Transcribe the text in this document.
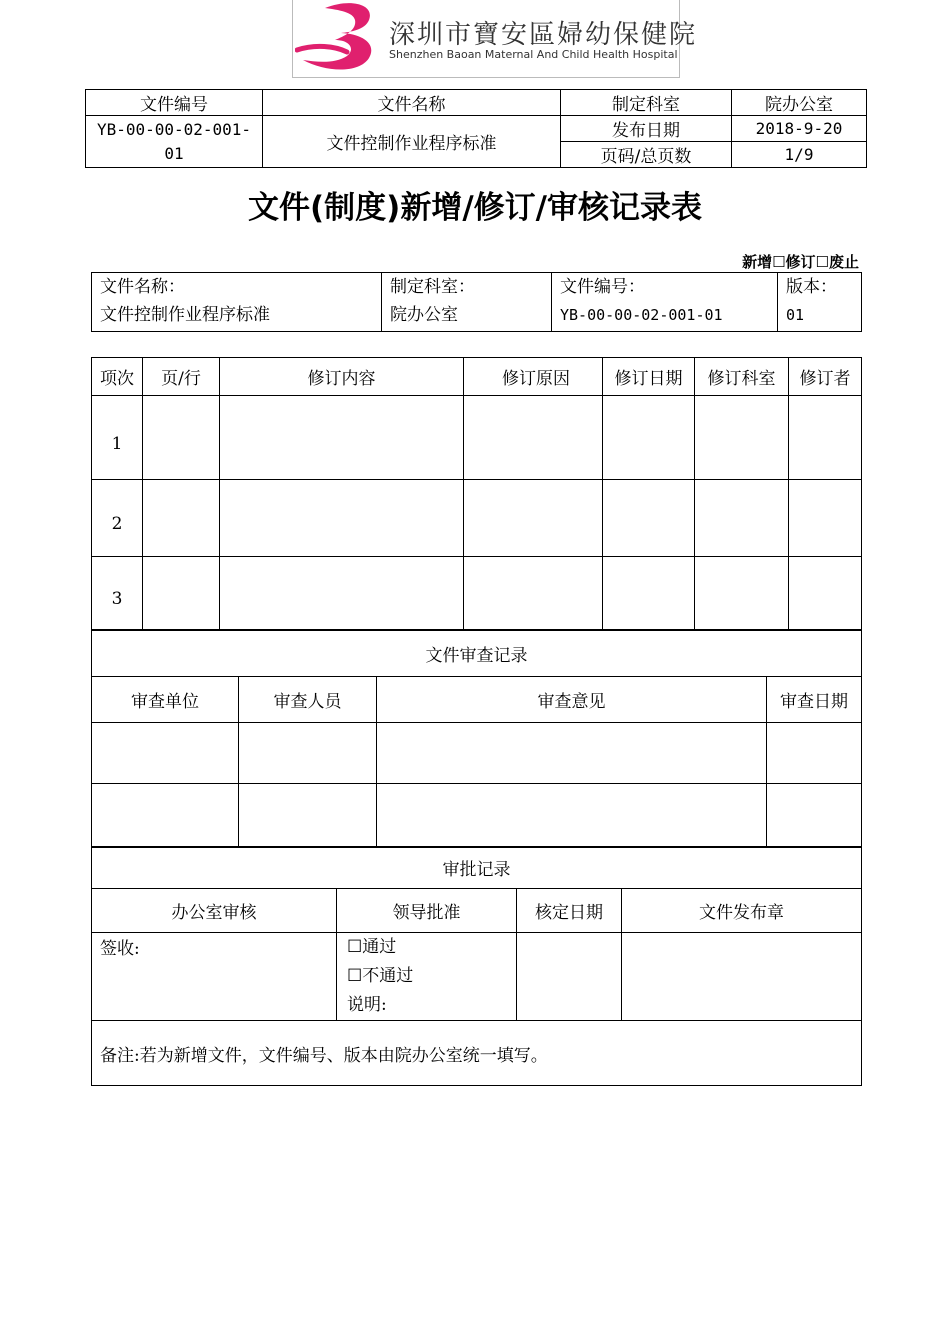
深圳市寶安區婦幼保健院
Shenzhen Baoan Maternal And Child Health Hospital
文件编号	文件名称	制定科室	院办公室
YB-00-00-02-001-01	文件控制作业程序标准	发布日期	2018-9-20
		页码/总页数	1/9
文件(制度)新增/修订/审核记录表
新增☐修订☐废止
文件名称：
文件控制作业程序标准

制定科室：
院办公室

文件编号：
YB-00-00-02-001-01

版本：
01
项次	页/行	修订内容	修订原因	修订日期	修订科室	修订者
1						
2						
3						
文件审查记录			
审查单位	审查人员	审查意见	审查日期

审批记录			
办公室审核	领导批准	核定日期	文件发布章
签收:	☐通过
☐不通过
说明:		

备注:若为新增文件，文件编号、版本由院办公室统一填写。			
